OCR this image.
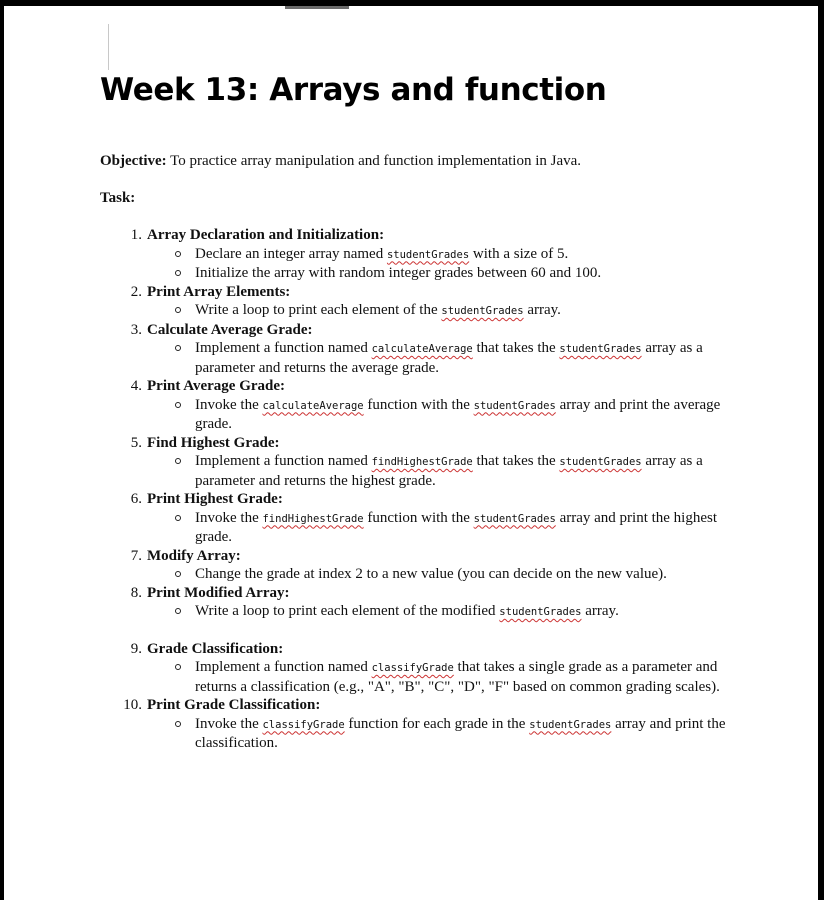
Week 13: Arrays and function
Objective: To practice array manipulation and function implementation in Java.
Task:
1. Array Declaration and Initialization:
Declare an integer array named studentGrades with a size of 5.
Initialize the array with random integer grades between 60 and 100.
2. Print Array Elements:
Write a loop to print each element of the studentGrades array.
3. Calculate Average Grade:
Implement a function named calculateAverage that takes the studentGrades array as a parameter and returns the average grade.
4. Print Average Grade:
Invoke the calculateAverage function with the studentGrades array and print the average grade.
5. Find Highest Grade:
Implement a function named findHighestGrade that takes the studentGrades array as a parameter and returns the highest grade.
6. Print Highest Grade:
Invoke the findHighestGrade function with the studentGrades array and print the highest grade.
7. Modify Array:
Change the grade at index 2 to a new value (you can decide on the new value).
8. Print Modified Array:
Write a loop to print each element of the modified studentGrades array.
9. Grade Classification:
Implement a function named classifyGrade that takes a single grade as a parameter and returns a classification (e.g., "A", "B", "C", "D", "F" based on common grading scales).
10. Print Grade Classification:
Invoke the classifyGrade function for each grade in the studentGrades array and print the classification.
